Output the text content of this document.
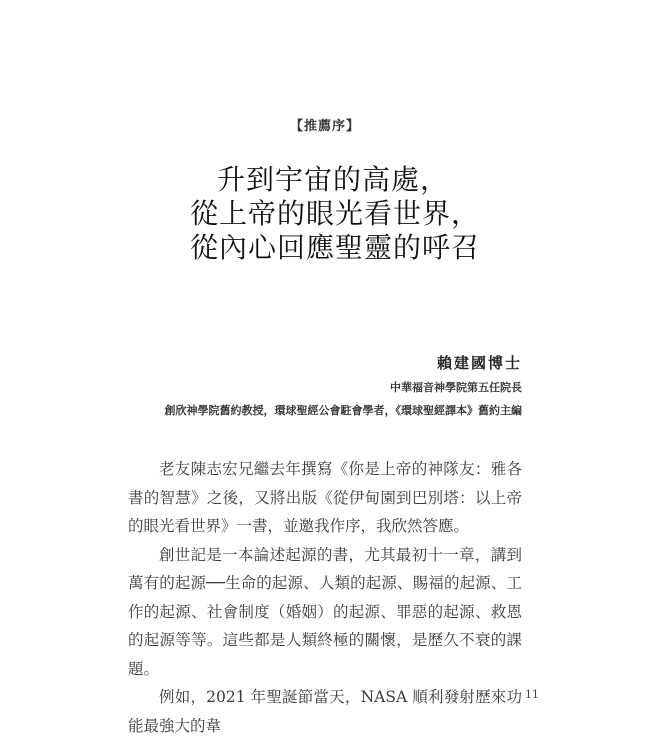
【推薦序】
升到宇宙的高處，
從上帝的眼光看世界，
從內心回應聖靈的呼召
賴建國博士
中華福音神學院第五任院長
創欣神學院舊約教授，環球聖經公會駐會學者，《環球聖經譯本》舊約主編

老友陳志宏兄繼去年撰寫《你是上帝的神隊友：雅各書的智慧》之後，又將出版《從伊甸園到巴別塔：以上帝的眼光看世界》一書，並邀我作序，我欣然答應。

創世記是一本論述起源的書，尤其最初十一章，講到萬有的起源──生命的起源、人類的起源、賜福的起源、工作的起源、社會制度（婚姻）的起源、罪惡的起源、救恩的起源等等。這些都是人類終極的關懷，是歷久不衰的課題。

例如，2021 年聖誕節當天，NASA 順利發射歷來功能最強大的韋

11
